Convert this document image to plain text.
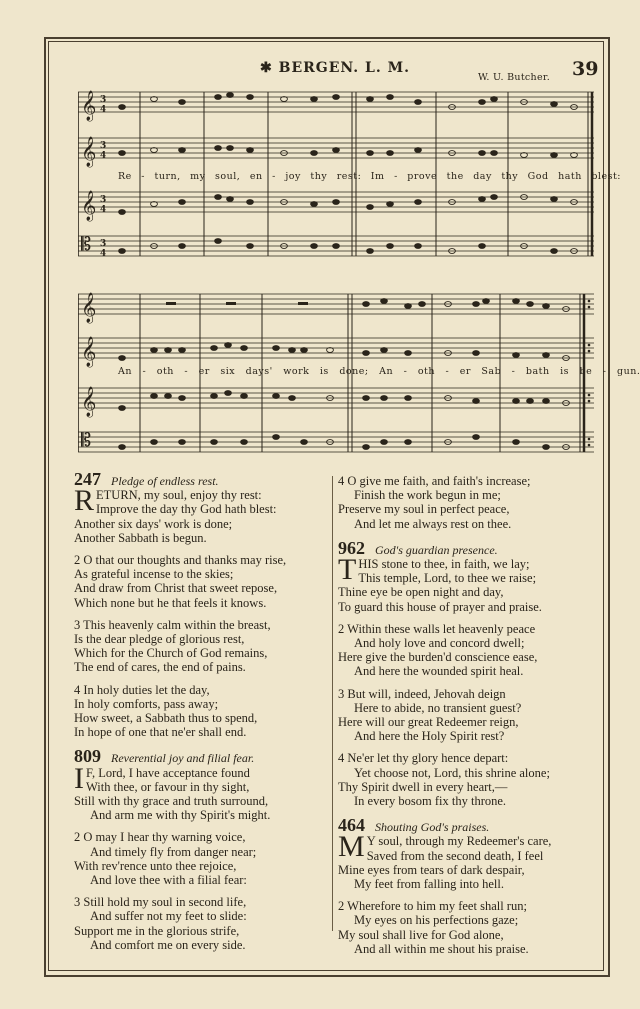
✱ BERGEN. L. M.	39
W. U. Butcher.
𝄞
𝄞
𝄞
𝄡
3
4
3
4
3
4
3
4
Re - turn, my soul, en - joy thy rest: Im - prove the day thy God hath blest:
𝄞
𝄞
𝄞
𝄡
An - oth - er six days' work is done; An - oth - er Sab - bath is be - gun.
247 Pledge of endless rest.
R ETURN, my soul, enjoy thy rest:
Improve the day thy God hath blest:
Another six days' work is done;
Another Sabbath is begun.
2 O that our thoughts and thanks may rise,
As grateful incense to the skies;
And draw from Christ that sweet repose,
Which none but he that feels it knows.
3 This heavenly calm within the breast,
Is the dear pledge of glorious rest,
Which for the Church of God remains,
The end of cares, the end of pains.
4 In holy duties let the day,
In holy comforts, pass away;
How sweet, a Sabbath thus to spend,
In hope of one that ne'er shall end.
809 Reverential joy and filial fear.
I F, Lord, I have acceptance found
With thee, or favour in thy sight,
Still with thy grace and truth surround,
And arm me with thy Spirit's might.
2 O may I hear thy warning voice,
And timely fly from danger near;
With rev'rence unto thee rejoice,
And love thee with a filial fear:
3 Still hold my soul in second life,
And suffer not my feet to slide:
Support me in the glorious strife,
And comfort me on every side.
4 O give me faith, and faith's increase;
Finish the work begun in me;
Preserve my soul in perfect peace,
And let me always rest on thee.
962 God's guardian presence.
T HIS stone to thee, in faith, we lay;
This temple, Lord, to thee we raise;
Thine eye be open night and day,
To guard this house of prayer and praise.
2 Within these walls let heavenly peace
And holy love and concord dwell;
Here give the burden'd conscience ease,
And here the wounded spirit heal.
3 But will, indeed, Jehovah deign
Here to abide, no transient guest?
Here will our great Redeemer reign,
And here the Holy Spirit rest?
4 Ne'er let thy glory hence depart:
Yet choose not, Lord, this shrine alone;
Thy Spirit dwell in every heart,—
In every bosom fix thy throne.
464 Shouting God's praises.
M Y soul, through my Redeemer's care,
Saved from the second death, I feel
Mine eyes from tears of dark despair,
My feet from falling into hell.
2 Wherefore to him my feet shall run;
My eyes on his perfections gaze;
My soul shall live for God alone,
And all within me shout his praise.
